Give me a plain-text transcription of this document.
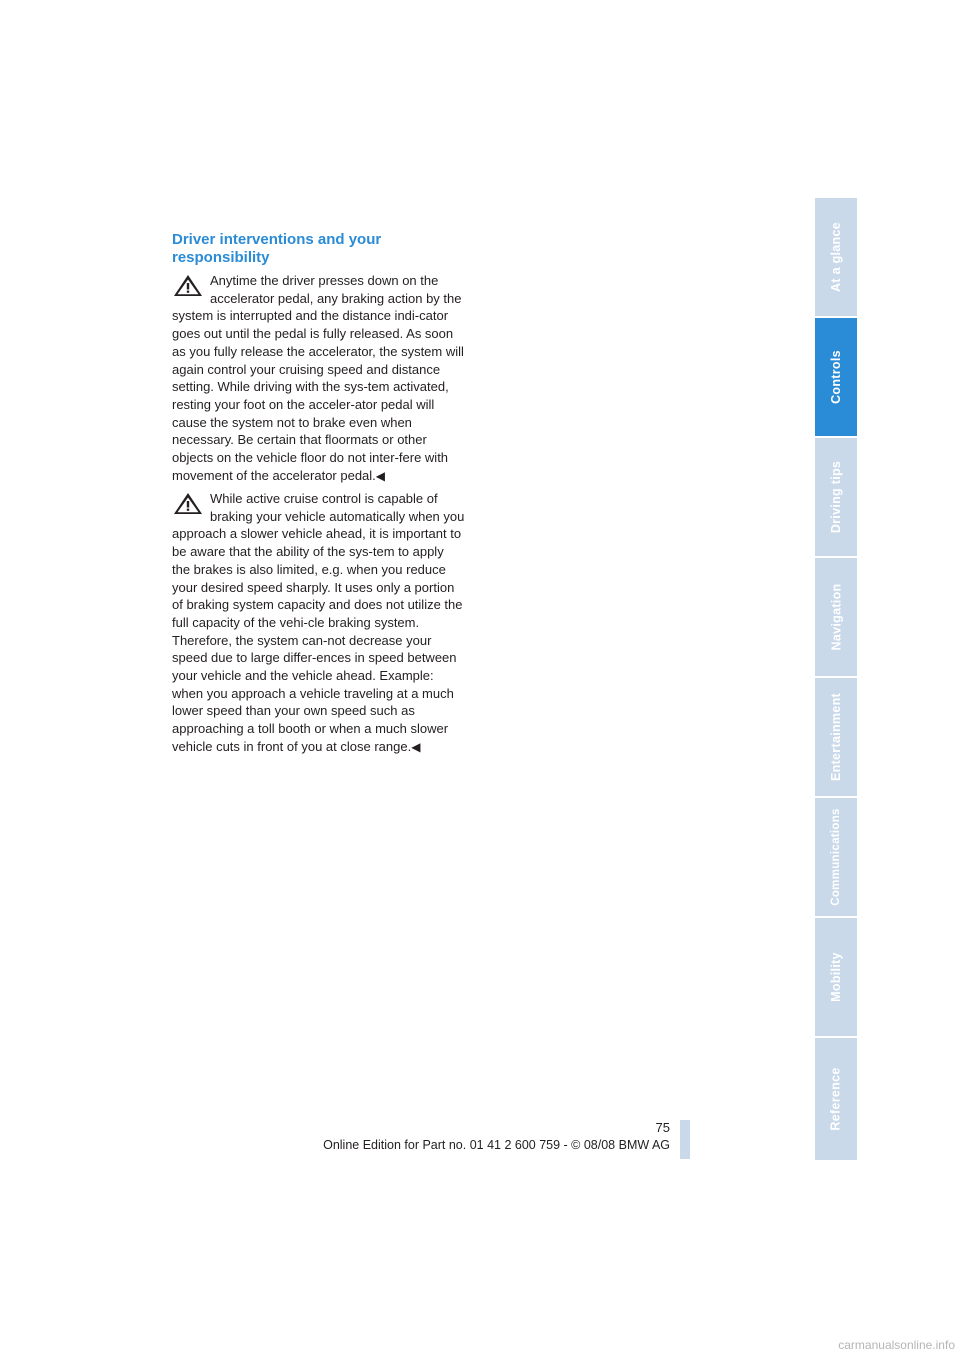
Driver interventions and your responsibility
Anytime the driver presses down on the accelerator pedal, any braking action by the system is interrupted and the distance indi-cator goes out until the pedal is fully released. As soon as you fully release the accelerator, the system will again control your cruising speed and distance setting. While driving with the sys-tem activated, resting your foot on the acceler-ator pedal will cause the system not to brake even when necessary. Be certain that floormats or other objects on the vehicle floor do not inter-fere with movement of the accelerator pedal.◀
While active cruise control is capable of braking your vehicle automatically when you approach a slower vehicle ahead, it is important to be aware that the ability of the sys-tem to apply the brakes is also limited, e.g. when you reduce your desired speed sharply. It uses only a portion of braking system capacity and does not utilize the full capacity of the vehi-cle braking system. Therefore, the system can-not decrease your speed due to large differ-ences in speed between your vehicle and the vehicle ahead. Example: when you approach a vehicle traveling at a much lower speed than your own speed such as approaching a toll booth or when a much slower vehicle cuts in front of you at close range.◀
At a glance
Controls
Driving tips
Navigation
Entertainment
Communications
Mobility
Reference
75
Online Edition for Part no. 01 41 2 600 759 - © 08/08 BMW AG
carmanualsonline.info
